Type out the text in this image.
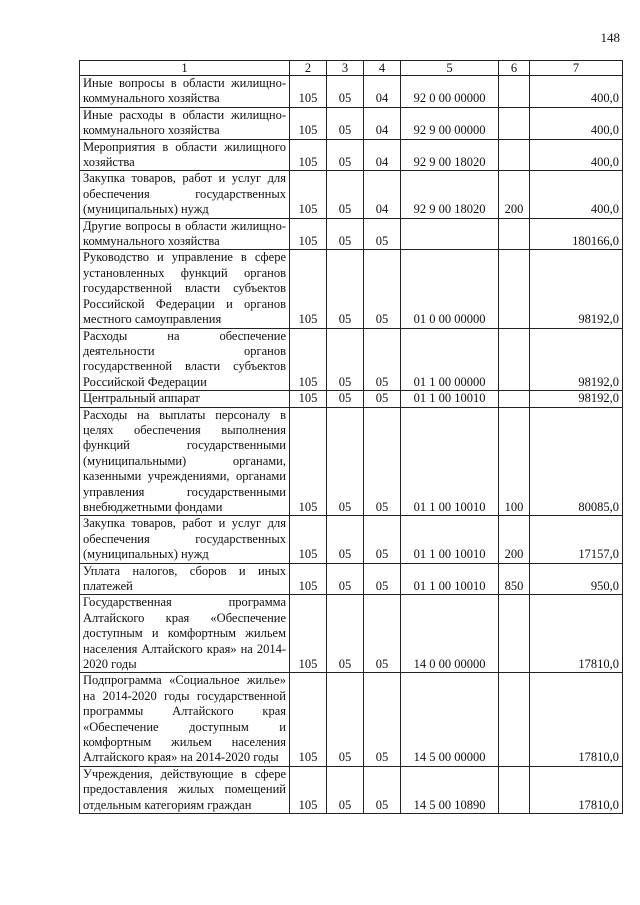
148
1	2	3	4	5	6	7
Иные вопросы в области жилищно-коммунального хозяйства	105	05	04	92 0 00 00000		400,0
Иные расходы в области жилищно-коммунального хозяйства	105	05	04	92 9 00 00000		400,0
Мероприятия в области жилищного хозяйства	105	05	04	92 9 00 18020		400,0
Закупка товаров, работ и услуг для обеспечения государственных (муниципальных) нужд	105	05	04	92 9 00 18020	200	400,0
Другие вопросы в области жилищно-коммунального хозяйства	105	05	05			180166,0
Руководство и управление в сфере установленных функций органов государственной власти субъектов Российской Федерации и органов местного самоуправления	105	05	05	01 0 00 00000		98192,0
Расходы на обеспечение деятельности органов государственной власти субъектов Российской Федерации	105	05	05	01 1 00 00000		98192,0
Центральный аппарат	105	05	05	01 1 00 10010		98192,0
Расходы на выплаты персоналу в целях обеспечения выполнения функций государственными (муниципальными) органами, казенными учреждениями, органами управления государственными внебюджетными фондами	105	05	05	01 1 00 10010	100	80085,0
Закупка товаров, работ и услуг для обеспечения государственных (муниципальных) нужд	105	05	05	01 1 00 10010	200	17157,0
Уплата налогов, сборов и иных платежей	105	05	05	01 1 00 10010	850	950,0
Государственная программа Алтайского края «Обеспечение доступным и комфортным жильем населения Алтайского края» на 2014-2020 годы	105	05	05	14 0 00 00000		17810,0
Подпрограмма «Социальное жилье» на 2014-2020 годы государственной программы Алтайского края «Обеспечение доступным и комфортным жильем населения Алтайского края» на 2014-2020 годы	105	05	05	14 5 00 00000		17810,0
Учреждения, действующие в сфере предоставления жилых помещений отдельным категориям граждан	105	05	05	14 5 00 10890		17810,0
